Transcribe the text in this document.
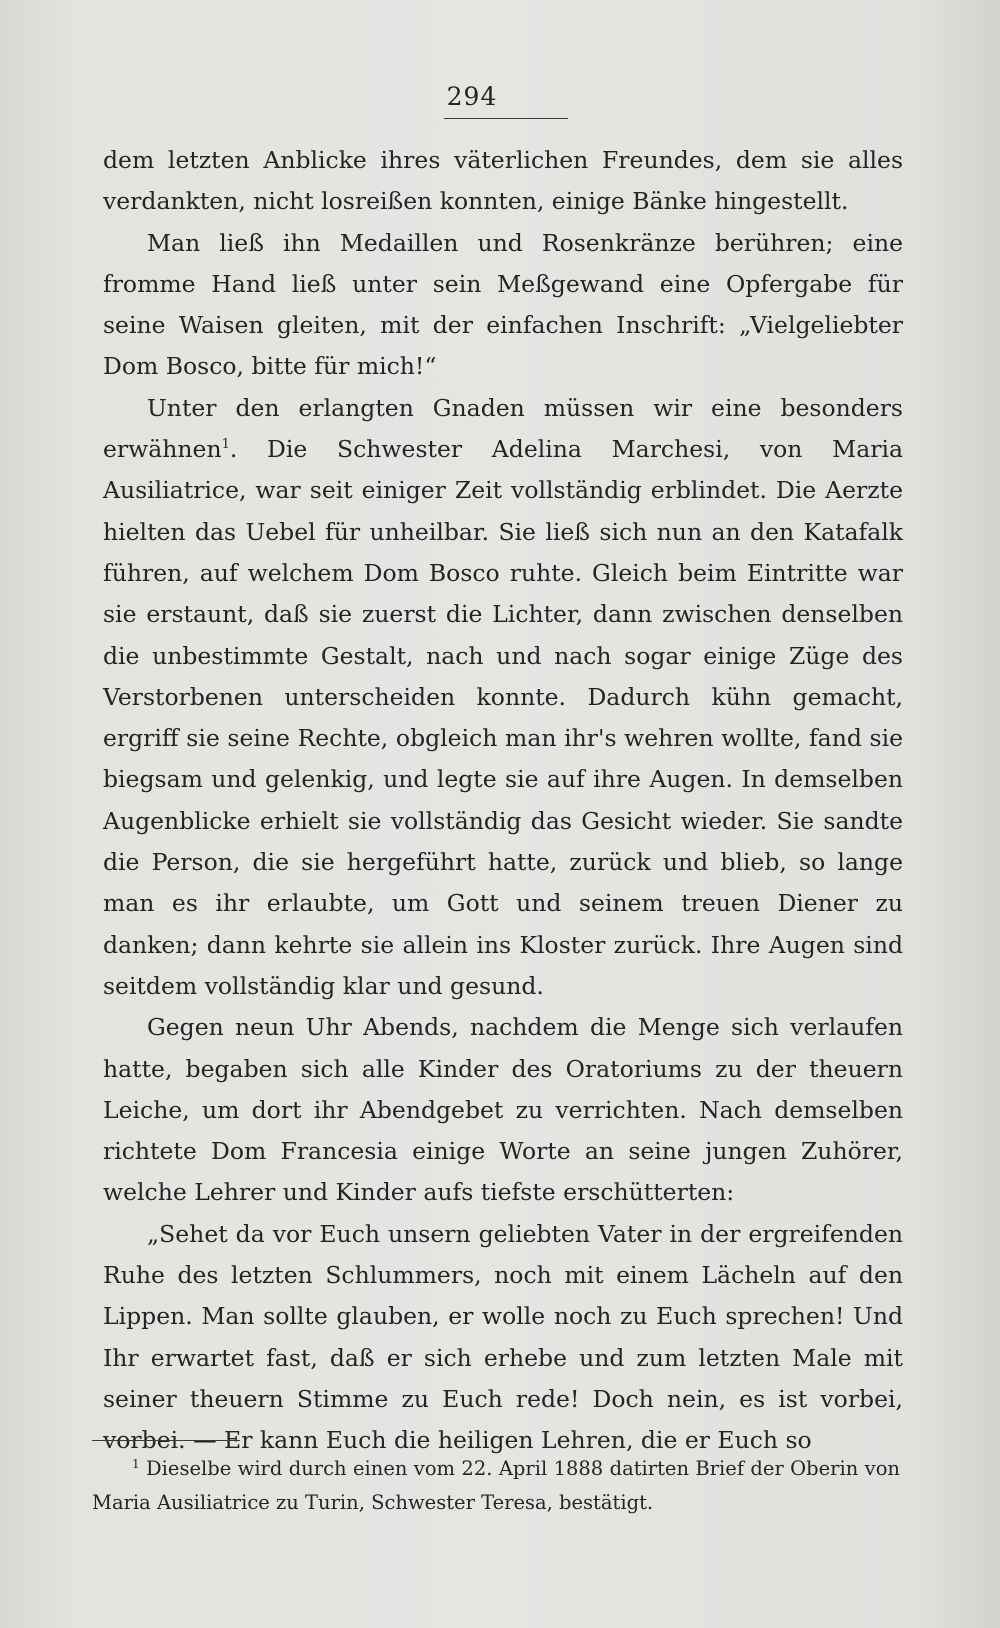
294

dem letzten Anblicke ihres väterlichen Freundes, dem sie alles verdankten, nicht losreißen konnten, einige Bänke hingestellt.

Man ließ ihn Medaillen und Rosenkränze berühren; eine fromme Hand ließ unter sein Meßgewand eine Opfergabe für seine Waisen gleiten, mit der einfachen Inschrift: „Vielgeliebter Dom Bosco, bitte für mich!“

Unter den erlangten Gnaden müssen wir eine besonders erwähnen$^1$. Die Schwester Adelina Marchesi, von Maria Ausiliatrice, war seit einiger Zeit vollständig erblindet. Die Aerzte hielten das Uebel für unheilbar. Sie ließ sich nun an den Katafalk führen, auf welchem Dom Bosco ruhte. Gleich beim Eintritte war sie erstaunt, daß sie zuerst die Lichter, dann zwischen denselben die unbestimmte Gestalt, nach und nach sogar einige Züge des Verstorbenen unterscheiden konnte. Dadurch kühn gemacht, ergriff sie seine Rechte, obgleich man ihr's wehren wollte, fand sie biegsam und gelenkig, und legte sie auf ihre Augen. In demselben Augenblicke erhielt sie vollständig das Gesicht wieder. Sie sandte die Person, die sie hergeführt hatte, zurück und blieb, so lange man es ihr erlaubte, um Gott und seinem treuen Diener zu danken; dann kehrte sie allein ins Kloster zurück. Ihre Augen sind seitdem vollständig klar und gesund.

Gegen neun Uhr Abends, nachdem die Menge sich verlaufen hatte, begaben sich alle Kinder des Oratoriums zu der theuern Leiche, um dort ihr Abendgebet zu verrichten. Nach demselben richtete Dom Francesia einige Worte an seine jungen Zuhörer, welche Lehrer und Kinder aufs tiefste erschütterten:

„Sehet da vor Euch unsern geliebten Vater in der ergreifenden Ruhe des letzten Schlummers, noch mit einem Lächeln auf den Lippen. Man sollte glauben, er wolle noch zu Euch sprechen! Und Ihr erwartet fast, daß er sich erhebe und zum letzten Male mit seiner theuern Stimme zu Euch rede! Doch nein, es ist vorbei, vorbei. — Er kann Euch die heiligen Lehren, die er Euch so

$^1$ Dieselbe wird durch einen vom 22. April 1888 datirten Brief der Oberin von Maria Ausiliatrice zu Turin, Schwester Teresa, bestätigt.
